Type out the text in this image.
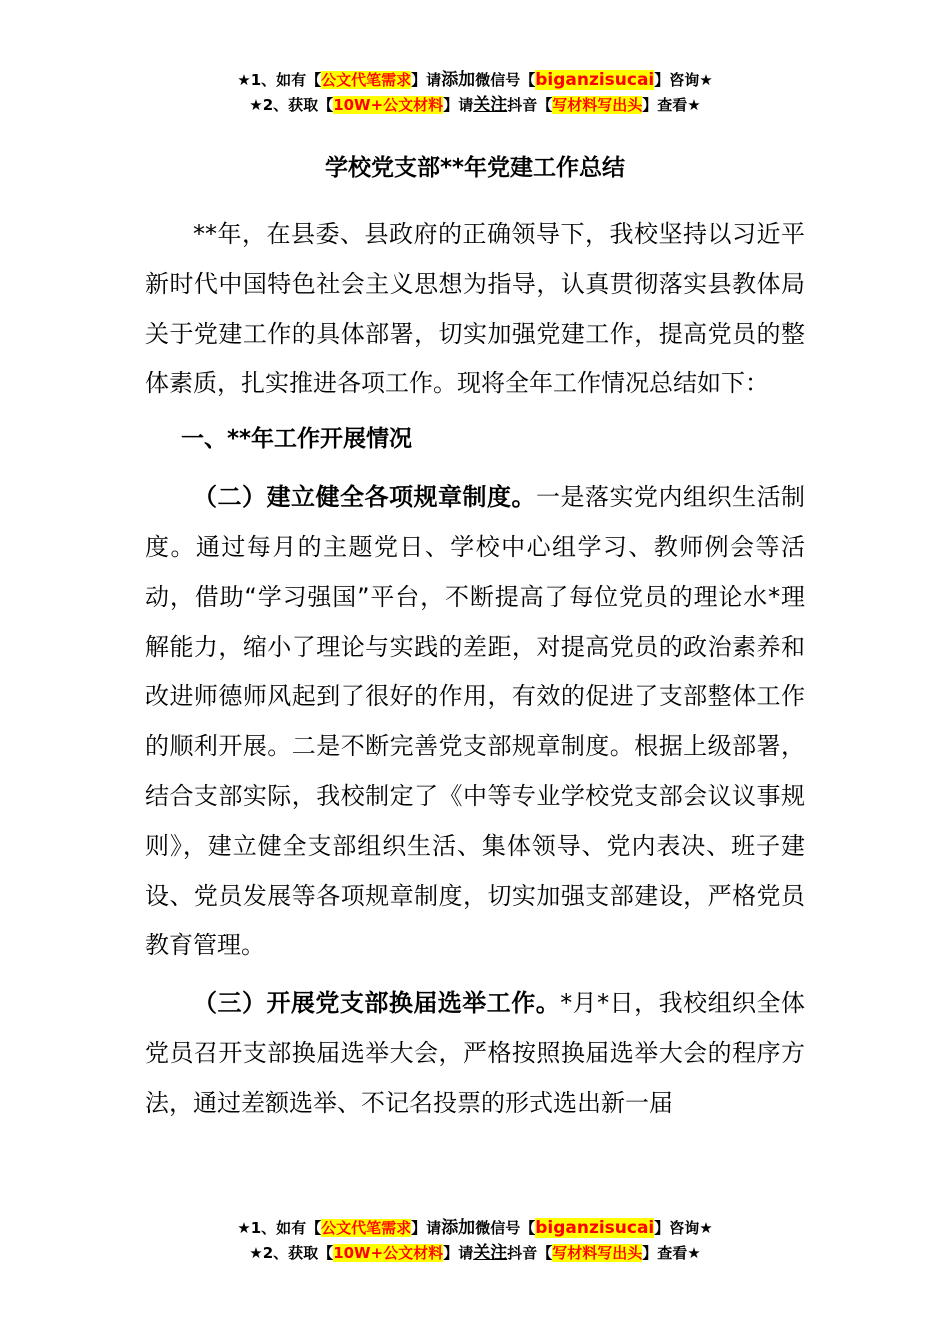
★1、如有【公文代笔需求】请添加微信号【biganzisucai】咨询★
★2、获取【10W+公文材料】请关注抖音【写材料写出头】查看★
学校党支部**年党建工作总结

**年，在县委、县政府的正确领导下，我校坚持以习近平新时代中国特色社会主义思想为指导，认真贯彻落实县教体局关于党建工作的具体部署，切实加强党建工作，提高党员的整体素质，扎实推进各项工作。现将全年工作情况总结如下：

一、**年工作开展情况

（二）建立健全各项规章制度。一是落实党内组织生活制度。通过每月的主题党日、学校中心组学习、教师例会等活动，借助“学习强国”平台，不断提高了每位党员的理论水*理解能力，缩小了理论与实践的差距，对提高党员的政治素养和改进师德师风起到了很好的作用，有效的促进了支部整体工作的顺利开展。二是不断完善党支部规章制度。根据上级部署，结合支部实际，我校制定了《中等专业学校党支部会议议事规则》，建立健全支部组织生活、集体领导、党内表决、班子建设、党员发展等各项规章制度，切实加强支部建设，严格党员教育管理。

（三）开展党支部换届选举工作。*月*日，我校组织全体党员召开支部换届选举大会，严格按照换届选举大会的程序方法，通过差额选举、不记名投票的形式选出新一届

★1、如有【公文代笔需求】请添加微信号【biganzisucai】咨询★
★2、获取【10W+公文材料】请关注抖音【写材料写出头】查看★
